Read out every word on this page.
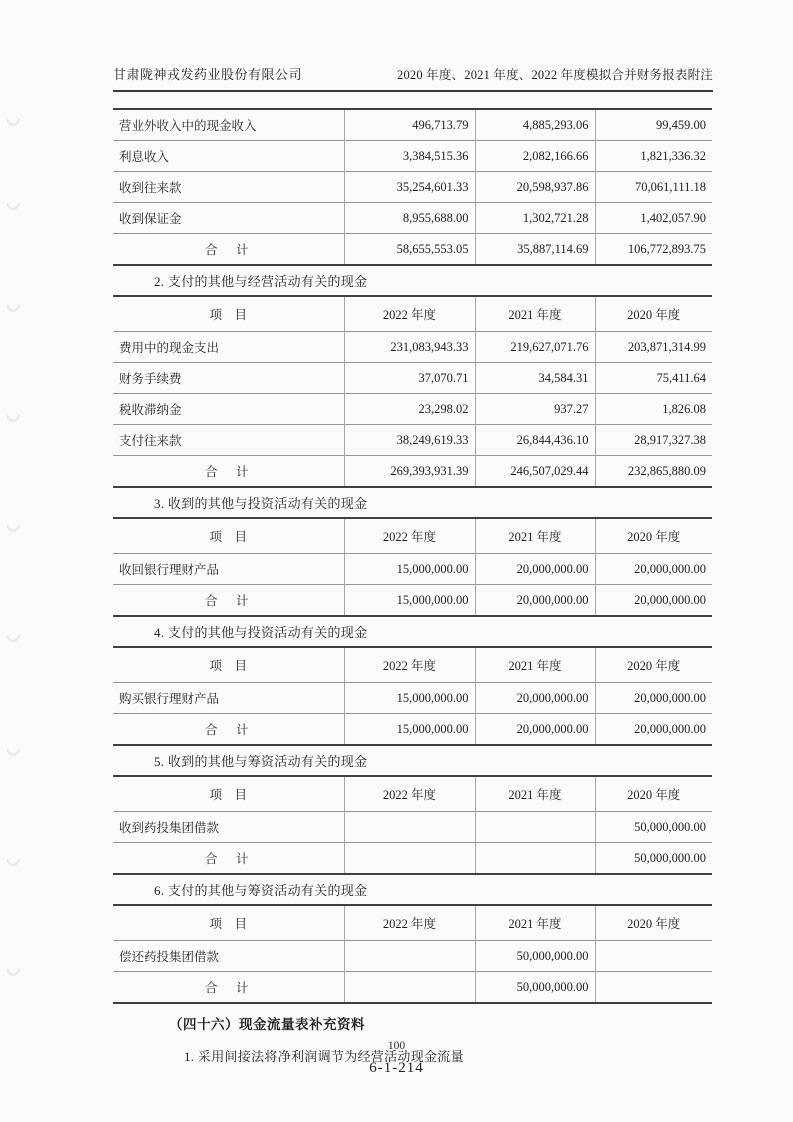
甘肃陇神戎发药业股份有限公司	2020 年度、2021 年度、2022 年度模拟合并财务报表附注
营业外收入中的现金收入	496,713.79	4,885,293.06	99,459.00
利息收入	3,384,515.36	2,082,166.66	1,821,336.32
收到往来款	35,254,601.33	20,598,937.86	70,061,111.18
收到保证金	8,955,688.00	1,302,721.28	1,402,057.90
合　计	58,655,553.05	35,887,114.69	106,772,893.75
2. 支付的其他与经营活动有关的现金
项　目	2022 年度	2021 年度	2020 年度
费用中的现金支出	231,083,943.33	219,627,071.76	203,871,314.99
财务手续费	37,070.71	34,584.31	75,411.64
税收滞纳金	23,298.02	937.27	1,826.08
支付往来款	38,249,619.33	26,844,436.10	28,917,327.38
合　计	269,393,931.39	246,507,029.44	232,865,880.09
3. 收到的其他与投资活动有关的现金
项　目	2022 年度	2021 年度	2020 年度
收回银行理财产品	15,000,000.00	20,000,000.00	20,000,000.00
合　计	15,000,000.00	20,000,000.00	20,000,000.00
4. 支付的其他与投资活动有关的现金
项　目	2022 年度	2021 年度	2020 年度
购买银行理财产品	15,000,000.00	20,000,000.00	20,000,000.00
合　计	15,000,000.00	20,000,000.00	20,000,000.00
5. 收到的其他与筹资活动有关的现金
项　目	2022 年度	2021 年度	2020 年度
收到药投集团借款			50,000,000.00
合　计			50,000,000.00
6. 支付的其他与筹资活动有关的现金
项　目	2022 年度	2021 年度	2020 年度
偿还药投集团借款		50,000,000.00	
合　计		50,000,000.00	
（四十六）现金流量表补充资料
1. 采用间接法将净利润调节为经营活动现金流量
100
6-1-214
